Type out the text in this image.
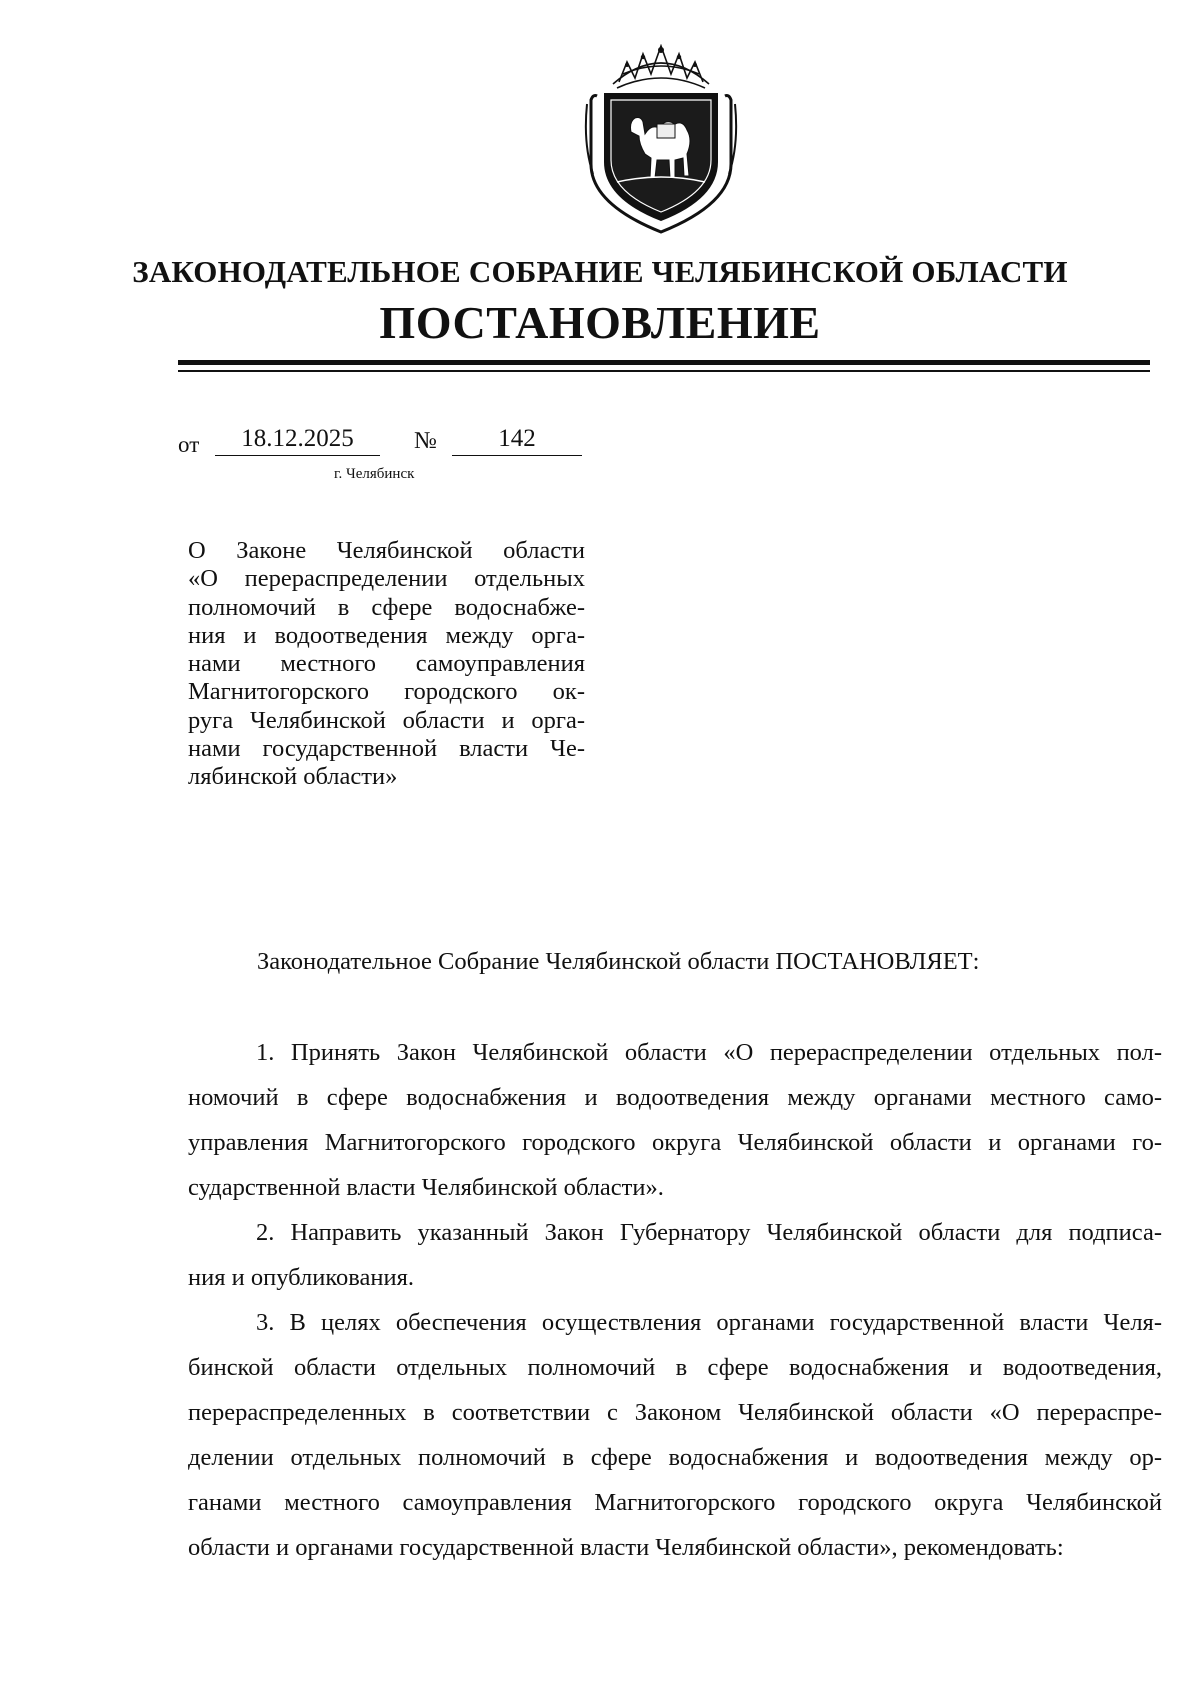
ЗАКОНОДАТЕЛЬНОЕ СОБРАНИЕ ЧЕЛЯБИНСКОЙ ОБЛАСТИ
ПОСТАНОВЛЕНИЕ
от	18.12.2025	№	142
г. Челябинск
О Законе Челябинской области
«О перераспределении отдельных
полномочий в сфере водоснабже-
ния и водоотведения между орга-
нами местного самоуправления
Магнитогорского городского ок-
руга Челябинской области и орга-
нами государственной власти Че-
лябинской области»
Законодательное Собрание Челябинской области ПОСТАНОВЛЯЕТ:
1. Принять Закон Челябинской области «О перераспределении отдельных пол-
номочий в сфере водоснабжения и водоотведения между органами местного само-
управления Магнитогорского городского округа Челябинской области и органами го-
сударственной власти Челябинской области».
2. Направить указанный Закон Губернатору Челябинской области для подписа-
ния и опубликования.
3. В целях обеспечения осуществления органами государственной власти Челя-
бинской области отдельных полномочий в сфере водоснабжения и водоотведения,
перераспределенных в соответствии с Законом Челябинской области «О перераспре-
делении отдельных полномочий в сфере водоснабжения и водоотведения между ор-
ганами местного самоуправления Магнитогорского городского округа Челябинской
области и органами государственной власти Челябинской области», рекомендовать:
